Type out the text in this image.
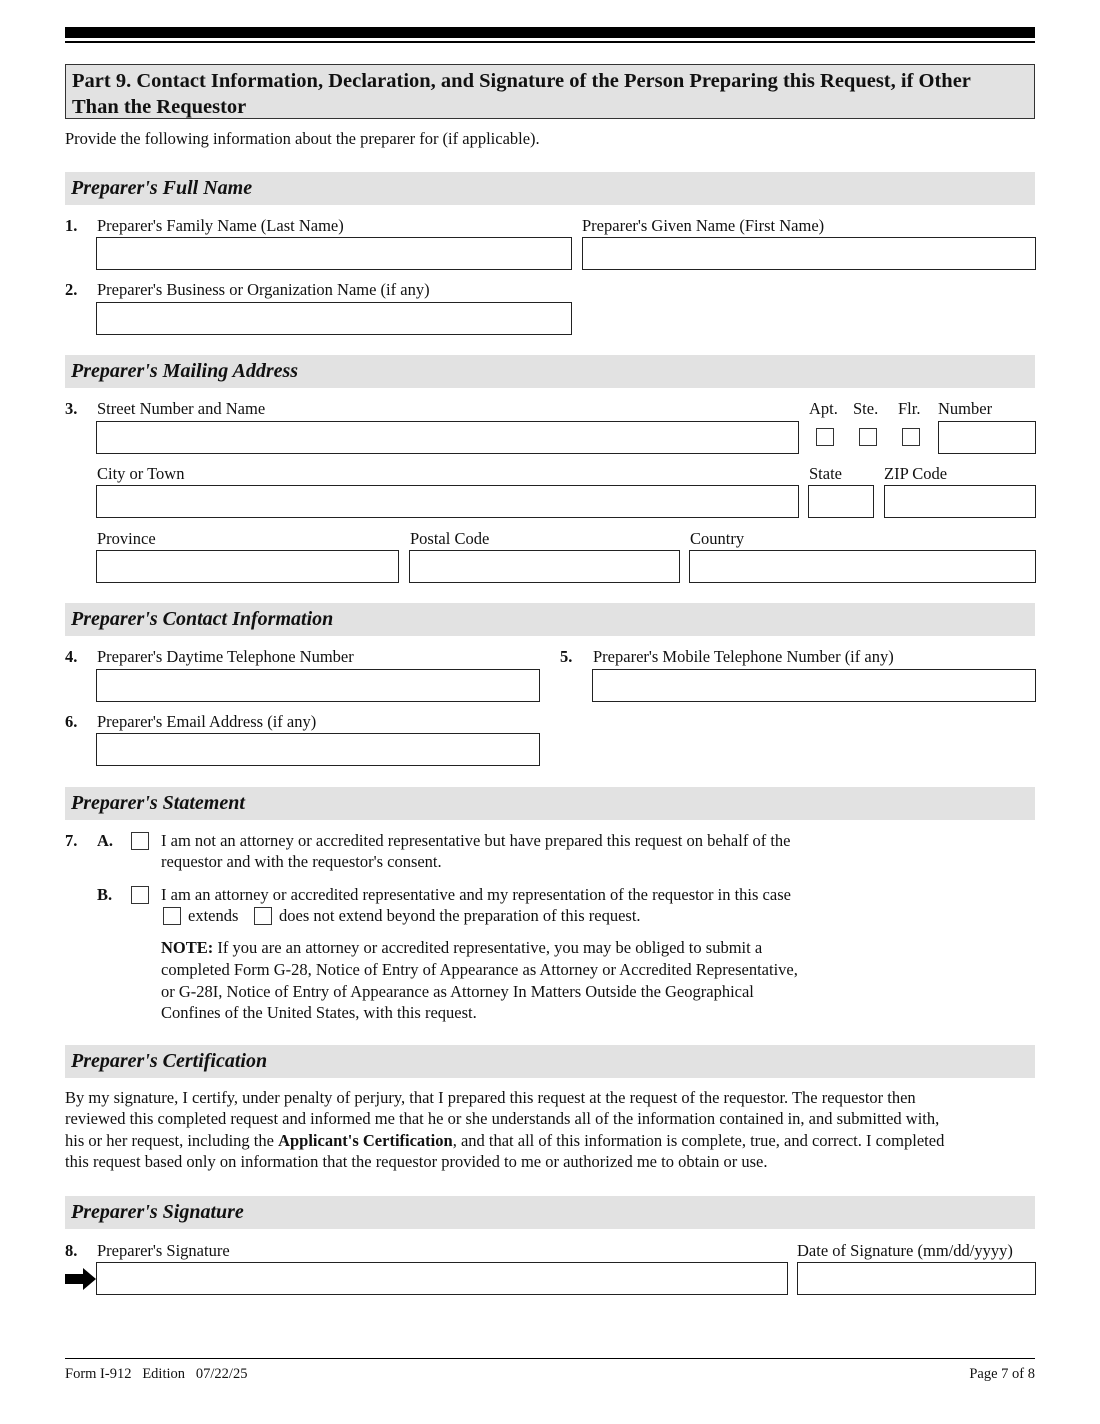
Part 9. Contact Information, Declaration, and Signature of the Person Preparing this Request, if Other
Than the Requestor
Provide the following information about the preparer for (if applicable).
Preparer's Full Name
1. Preparer's Family Name (Last Name)	Preparer's Given Name (First Name)
2. Preparer's Business or Organization Name (if any)
Preparer's Mailing Address
3. Street Number and Name	Apt. Ste. Flr. Number
City or Town	State	ZIP Code
Province	Postal Code	Country
Preparer's Contact Information
4. Preparer's Daytime Telephone Number	5. Preparer's Mobile Telephone Number (if any)
6. Preparer's Email Address (if any)
Preparer's Statement
7. A.	I am not an attorney or accredited representative but have prepared this request on behalf of the
requestor and with the requestor's consent.
B.	I am an attorney or accredited representative and my representation of the requestor in this case
extends does not extend beyond the preparation of this request.
NOTE: If you are an attorney or accredited representative, you may be obliged to submit a
completed Form G-28, Notice of Entry of Appearance as Attorney or Accredited Representative,
or G-28I, Notice of Entry of Appearance as Attorney In Matters Outside the Geographical
Confines of the United States, with this request.
Preparer's Certification
By my signature, I certify, under penalty of perjury, that I prepared this request at the request of the requestor. The requestor then
reviewed this completed request and informed me that he or she understands all of the information contained in, and submitted with,
his or her request, including the Applicant's Certification, and that all of this information is complete, true, and correct. I completed
this request based only on information that the requestor provided to me or authorized me to obtain or use.
Preparer's Signature
8. Preparer's Signature	Date of Signature (mm/dd/yyyy)
Form I-912   Edition   07/22/25	Page 7 of 8
